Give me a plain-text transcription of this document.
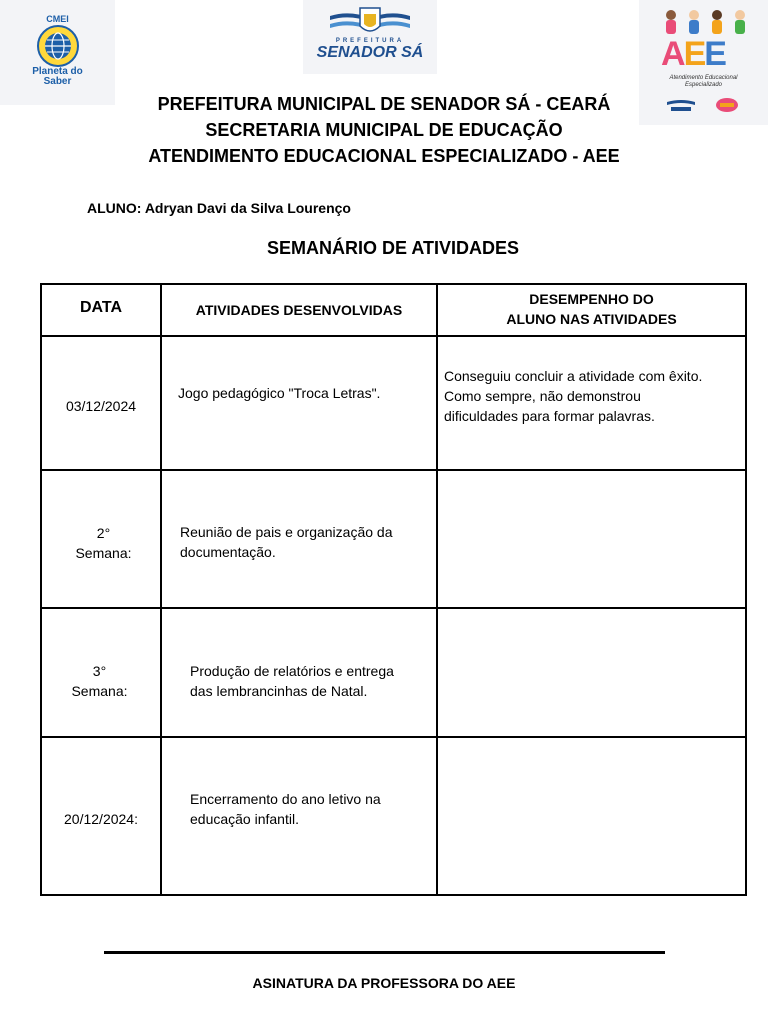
CMEI
Planeta do
Saber
PREFEITURA
SENADOR SÁ	AEE
Atendimento Educacional
Especializado
PREFEITURA MUNICIPAL DE SENADOR SÁ - CEARÁ
SECRETARIA MUNICIPAL DE EDUCAÇÃO
ATENDIMENTO EDUCACIONAL ESPECIALIZADO - AEE
ALUNO: Adryan Davi da Silva Lourenço
SEMANÁRIO DE ATIVIDADES
DATA	ATIVIDADES DESENVOLVIDAS
DESEMPENHO DO
ALUNO NAS ATIVIDADES
03/12/2024
Jogo pedagógico "Troca Letras".
Conseguiu concluir a atividade com êxito.
Como sempre, não demonstrou
dificuldades para formar palavras.
2°
Semana:
Reunião de pais e organização da
documentação.
3°
Semana:
Produção de relatórios e entrega
das lembrancinhas de Natal.
20/12/2024:
Encerramento do ano letivo na
educação infantil.
ASINATURA DA PROFESSORA DO AEE
